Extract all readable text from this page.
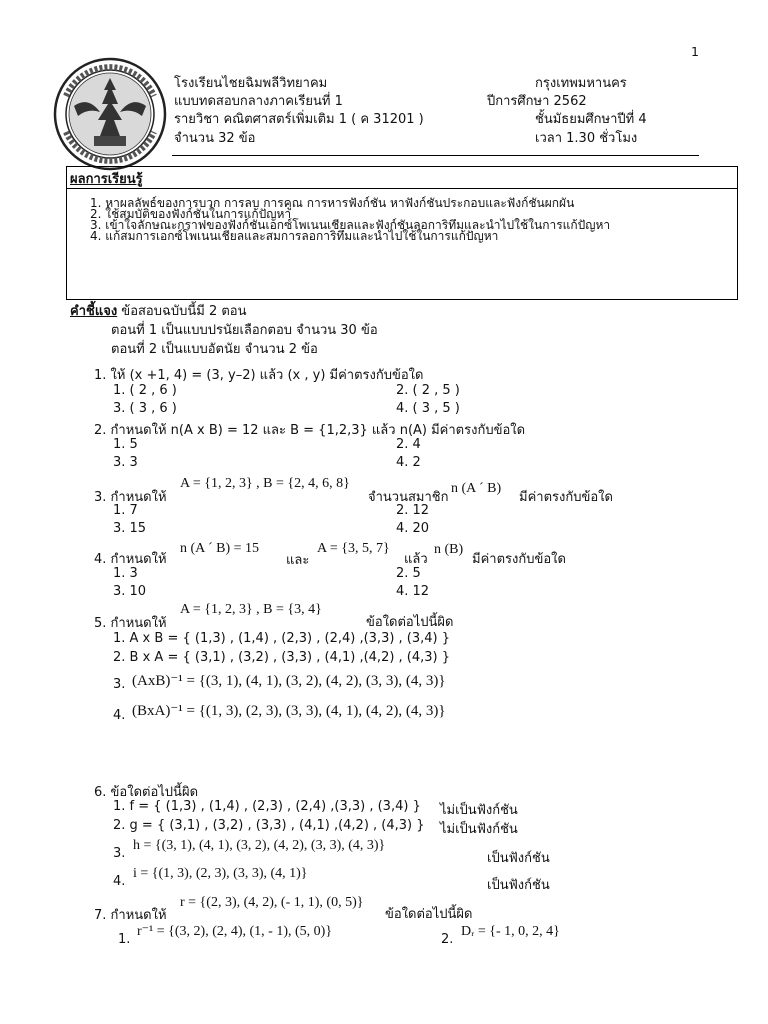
1
โรงเรียนไชยฉิมพลีวิทยาคม
แบบทดสอบกลางภาคเรียนที่ 1
รายวิชา คณิตศาสตร์เพิ่มเติม 1 ( ค 31201 )
จำนวน 32 ข้อ
กรุงเทพมหานคร
ปีการศึกษา 2562
ชั้นมัธยมศึกษาปีที่ 4
เวลา 1.30 ชั่วโมง
ผลการเรียนรู้
1. หาผลลัพธ์ของการบวก การลบ การคูณ การหารฟังก์ชัน หาฟังก์ชันประกอบและฟังก์ชันผกผัน
2. ใช้สมบัติของฟังก์ชันในการแก้ปัญหา
3. เข้าใจลักษณะกราฟของฟังก์ชันเอกซ์โพเนนเชียลและฟังก์ชันลอการิทึมและนำไปใช้ในการแก้ปัญหา
4. แก้สมการเอกซ์โพเนนเชียลและสมการลอการิทึมและนำไปใช้ในการแก้ปัญหา
คำชี้แจง ข้อสอบฉบับนี้มี 2 ตอน
ตอนที่ 1 เป็นแบบปรนัยเลือกตอบ จำนวน 30 ข้อ
ตอนที่ 2 เป็นแบบอัตนัย จำนวน 2 ข้อ
1. ให้ (x +1, 4) = (3, y–2) แล้ว (x , y) มีค่าตรงกับข้อใด
1. ( 2 , 6 )	2. ( 2 , 5 )
3. ( 3 , 6 )	4. ( 3 , 5 )
2. กำหนดให้ n(A x B) = 12 และ B = {1,2,3} แล้ว n(A) มีค่าตรงกับข้อใด
1. 5	2. 4
3. 3	4. 2
3. กำหนดให้
A = {1, 2, 3} , B = {2, 4, 6, 8}
จำนวนสมาชิก
n (A ´ B)
มีค่าตรงกับข้อใด
1. 7	2. 12
3. 15	4. 20
4. กำหนดให้
n (A ´ B) = 15
และ
A = {3, 5, 7}
แล้ว
n (B)
มีค่าตรงกับข้อใด
1. 3	2. 5
3. 10	4. 12
5. กำหนดให้
A = {1, 2, 3} , B = {3, 4}
ข้อใดต่อไปนี้ผิด
1. A x B = { (1,3) , (1,4) , (2,3) , (2,4) ,(3,3) , (3,4) }
2. B x A = { (3,1) , (3,2) , (3,3) , (4,1) ,(4,2) , (4,3) }
3. (AxB)⁻¹ = {(3, 1), (4, 1), (3, 2), (4, 2), (3, 3), (4, 3)}
4. (BxA)⁻¹ = {(1, 3), (2, 3), (3, 3), (4, 1), (4, 2), (4, 3)}
6. ข้อใดต่อไปนี้ผิด
1. f = { (1,3) , (1,4) , (2,3) , (2,4) ,(3,3) , (3,4) } ไม่เป็นฟังก์ชัน
2. g = { (3,1) , (3,2) , (3,3) , (4,1) ,(4,2) , (4,3) } ไม่เป็นฟังก์ชัน
3.
h = {(3, 1), (4, 1), (3, 2), (4, 2), (3, 3), (4, 3)}
เป็นฟังก์ชัน
4.
i = {(1, 3), (2, 3), (3, 3), (4, 1)}
เป็นฟังก์ชัน
7. กำหนดให้
r = {(2, 3), (4, 2), (- 1, 1), (0, 5)}
ข้อใดต่อไปนี้ผิด
1.
r⁻¹ = {(3, 2), (2, 4), (1, - 1), (5, 0)}
2.
Dᵣ = {- 1, 0, 2, 4}
